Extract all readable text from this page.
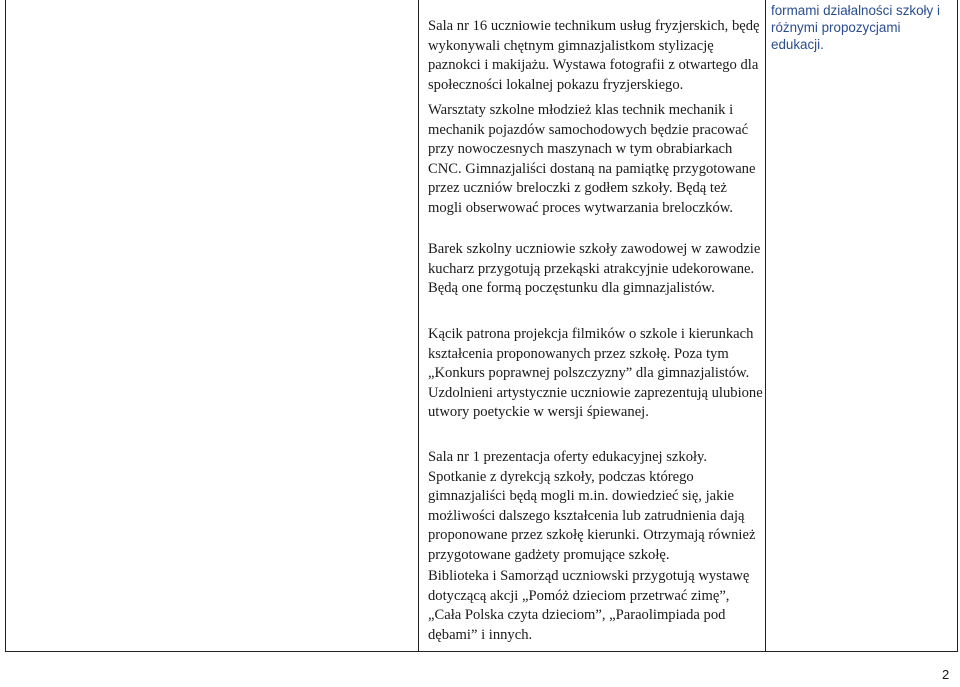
Sala nr 16 uczniowie technikum usług fryzjerskich, będę wykonywali chętnym gimnazjalistkom stylizację paznokci i makijażu. Wystawa fotografii z otwartego dla społeczności lokalnej pokazu fryzjerskiego.

Warsztaty szkolne młodzież klas technik mechanik i mechanik pojazdów samochodowych będzie pracować przy nowoczesnych maszynach w tym obrabiarkach CNC. Gimnazjaliści dostaną na pamiątkę przygotowane przez uczniów breloczki z godłem szkoły. Będą też mogli obserwować proces wytwarzania breloczków.

Barek szkolny uczniowie szkoły zawodowej w zawodzie kucharz przygotują przekąski atrakcyjnie udekorowane. Będą one formą poczęstunku dla gimnazjalistów.

Kącik patrona projekcja filmików o szkole i kierunkach kształcenia proponowanych przez szkołę. Poza tym „Konkurs poprawnej polszczyzny” dla gimnazjalistów. Uzdolnieni artystycznie uczniowie zaprezentują ulubione utwory poetyckie w wersji śpiewanej.

Sala nr 1 prezentacja oferty edukacyjnej szkoły. Spotkanie z dyrekcją szkoły, podczas którego gimnazjaliści będą mogli m.in. dowiedzieć się, jakie możliwości dalszego kształcenia lub zatrudnienia dają proponowane przez szkołę kierunki. Otrzymają również przygotowane gadżety promujące szkołę.

Biblioteka i Samorząd uczniowski przygotują wystawę dotyczącą akcji „Pomóż dzieciom przetrwać zimę”, „Cała Polska czyta dzieciom”, „Paraolimpiada pod dębami” i innych.

formami działalności szkoły i różnymi propozycjami edukacji.

2
